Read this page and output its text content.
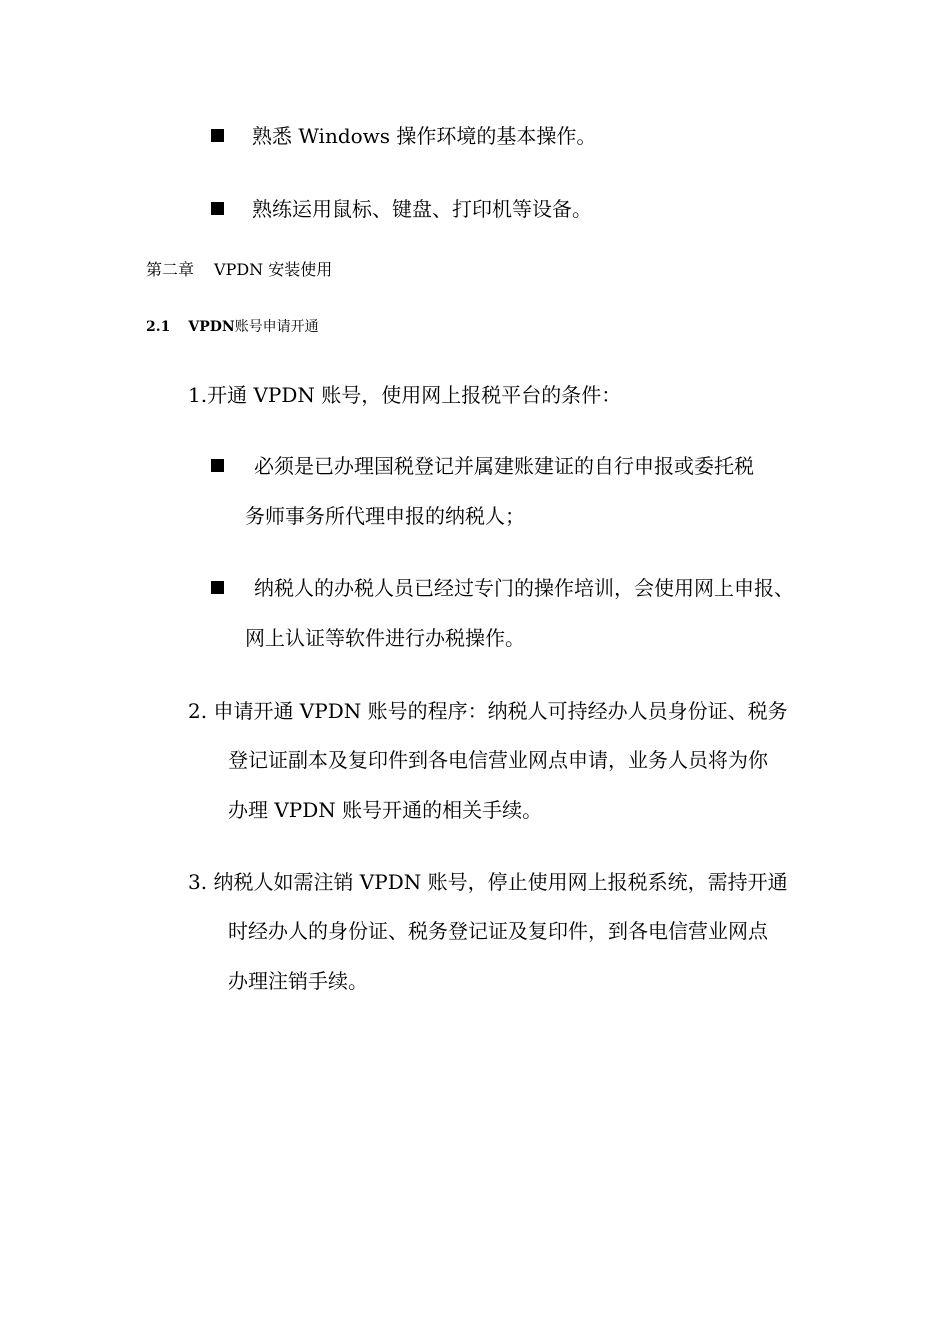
熟悉 Windows 操作环境的基本操作。
熟练运用鼠标、键盘、打印机等设备。
第二章 VPDN 安装使用
2.1 VPDN账号申请开通
1.开通 VPDN 账号，使用网上报税平台的条件：
必须是已办理国税登记并属建账建证的自行申报或委托税
务师事务所代理申报的纳税人；
纳税人的办税人员已经过专门的操作培训，会使用网上申报、
网上认证等软件进行办税操作。
2. 申请开通 VPDN 账号的程序：纳税人可持经办人员身份证、税务
登记证副本及复印件到各电信营业网点申请，业务人员将为你
办理 VPDN 账号开通的相关手续。
3. 纳税人如需注销 VPDN 账号，停止使用网上报税系统，需持开通
时经办人的身份证、税务登记证及复印件，到各电信营业网点
办理注销手续。
